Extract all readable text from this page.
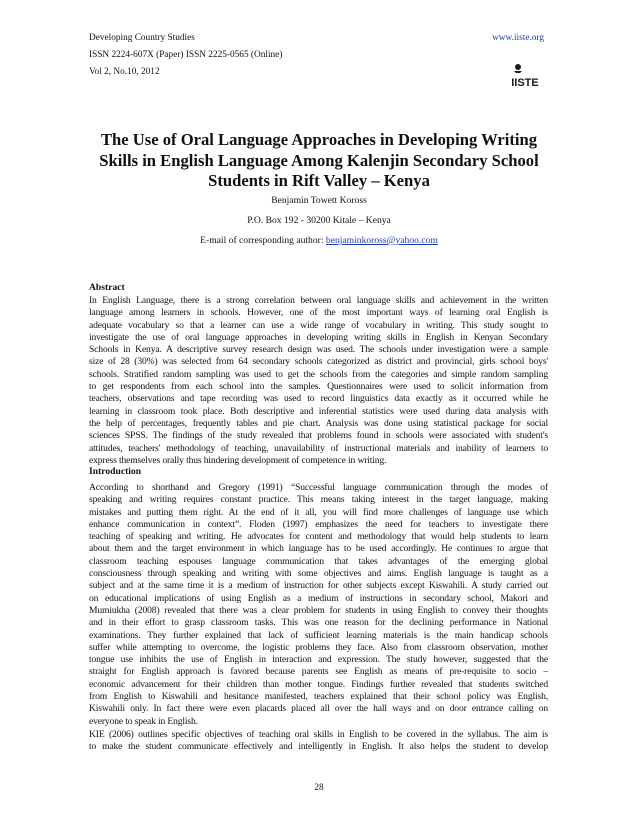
Developing Country Studies
ISSN 2224-607X (Paper) ISSN 2225-0565 (Online)
Vol 2, No.10, 2012
www.iiste.org
IISTE
The Use of Oral Language Approaches in Developing Writing
Skills in English Language Among Kalenjin Secondary School
Students in Rift Valley – Kenya
Benjamin Towett Koross
P.O. Box 192 - 30200 Kitale – Kenya
E-mail of corresponding author: benjaminkoross@yahoo.com
Abstract
In English Language, there is a strong correlation between oral language skills and achievement in the written
language among learners in schools. However, one of the most important ways of learning oral English is
adequate vocabulary so that a learner can use a wide range of vocabulary in writing. This study sought to
investigate the use of oral language approaches in developing writing skills in English in Kenyan Secondary
Schools in Kenya. A descriptive survey research design was used. The schools under investigation were a sample
size of 28 (30%) was selected from 64 secondary schools categorized as district and provincial, girls school boys'
schools. Stratified random sampling was used to get the schools from the categories and simple random sampling
to get respondents from each school into the samples. Questionnaires were used to solicit information from
teachers, observations and tape recording was used to record linguistics data exactly as it occurred while he
learning in classroom took place. Both descriptive and inferential statistics were used during data analysis with
the help of percentages, frequently tables and pie chart. Analysis was done using statistical package for social
sciences SPSS. The findings of the study revealed that problems found in schools were associated with student's
attitudes, teachers' methodology of teaching, unavailability of instructional materials and inability of learners to
express themselves orally thus hindering development of competence in writing.
Introduction
According to shorthand and Gregory (1991) “Successful language communication through the modes of
speaking and writing requires constant practice. This means taking interest in the target language, making
mistakes and putting them right. At the end of it all, you will find more challenges of language use which
enhance communication in context”. Floden (1997) emphasizes the need for teachers to investigate there
teaching of speaking and writing. He advocates for content and methodology that would help students to learn
about them and the target environment in which language has to be used accordingly. He continues to argue that
classroom teaching espouses language communication that takes advantages of the emerging global
consciousness through speaking and writing with some objectives and aims. English language is taught as a
subject and at the same time it is a medium of instruction for other subjects except Kiswahili. A study carried out
on educational implications of using English as a medium of instructions in secondary school, Makori and
Mumiukha (2008) revealed that there was a clear problem for students in using English to convey their thoughts
and in their effort to grasp classroom tasks. This was one reason for the declining performance in National
examinations. They further explained that lack of sufficient learning materials is the main handicap schools
suffer while attempting to overcome, the logistic problems they face. Also from classroom observation, mother
tongue use inhibits the use of English in interaction and expression. The study however, suggested that the
straight for English approach is favored because parents see English as means of pre-requisite to socio –
economic advancement for their children than mother tongue. Findings further revealed that students switched
from English to Kiswahili and hesitance manifested, teachers explained that their school policy was English,
Kiswahili only. In fact there were even placards placed all over the hall ways and on door entrance calling on
everyone to speak in English.
KIE (2006) outlines specific objectives of teaching oral skills in English to be covered in the syllabus. The aim is
to make the student communicate effectively and intelligently in English. It also helps the student to develop
28
